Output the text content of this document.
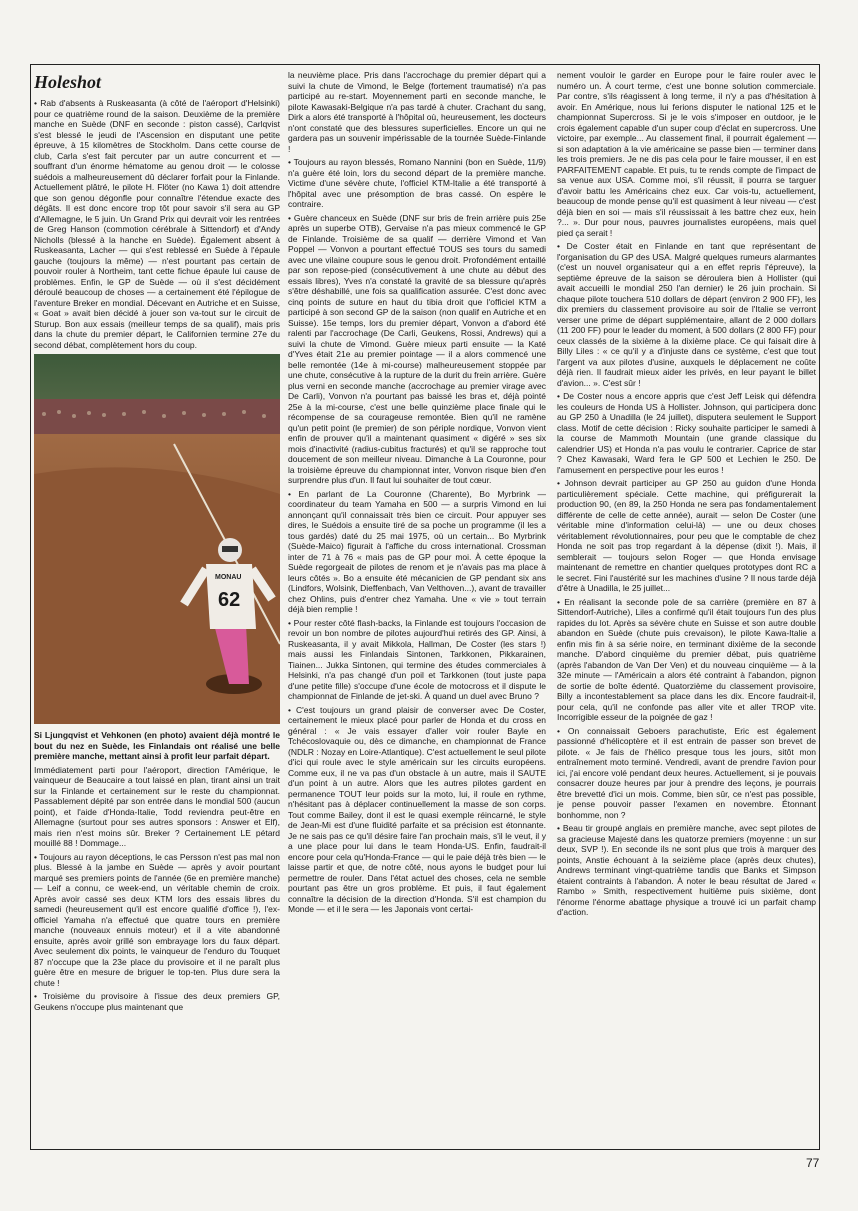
Holeshot

• Rab d'absents à Ruskeasanta (à côté de l'aéroport d'Helsinki) pour ce quatrième round de la saison. Deuxième de la première manche en Suède (DNF en seconde : piston cassé), Carlqvist s'est blessé le jeudi de l'Ascension en disputant une petite épreuve, à 15 kilomètres de Stockholm. Dans cette course de club, Carla s'est fait percuter par un autre concurrent et — souffrant d'un énorme hématome au genou droit — le colosse suédois a malheureusement dû déclarer forfait pour la Finlande. Actuellement plâtré, le pilote H. Flöter (no Kawa 1) doit attendre que son genou dégonfle pour connaître l'étendue exacte des dégâts. Il est donc encore trop tôt pour savoir s'il sera au GP d'Allemagne, le 5 juin. Un Grand Prix qui devrait voir les rentrées de Greg Hanson (commotion cérébrale à Sittendorf) et d'Andy Nicholls (blessé à la hanche en Suède). Également absent à Ruskeasanta, Lacher — qui s'est reblessé en Suède à l'épaule gauche (toujours la même) — n'est pourtant pas certain de pouvoir rouler à Northeim, tant cette fichue épaule lui cause de problèmes. Enfin, le GP de Suède — où il s'est décidément déroulé beaucoup de choses — a certainement été l'épilogue de l'aventure Breker en mondial. Décevant en Autriche et en Suisse, « Goat » avait bien décidé à jouer son va-tout sur le circuit de Sturup. Bon aux essais (meilleur temps de sa qualif), mais pris dans la chute du premier départ, le Californien termine 27e du second débat, complètement hors du coup.

MONAU
62

Si Ljungqvist et Vehkonen (en photo) avaient déjà montré le bout du nez en Suède, les Finlandais ont réalisé une belle première manche, mettant ainsi à profit leur parfait départ.

Immédiatement parti pour l'aéroport, direction l'Amérique, le vainqueur de Beaucaire a tout laissé en plan, tirant ainsi un trait sur la Finlande et certainement sur le reste du championnat. Passablement dépité par son entrée dans le mondial 500 (aucun point), et l'aide d'Honda-Italie, Todd reviendra peut-être en Allemagne (surtout pour ses autres sponsors : Answer et Elf), mais rien n'est moins sûr. Breker ? Certainement LE pétard mouillé 88 ! Dommage...

• Toujours au rayon déceptions, le cas Persson n'est pas mal non plus. Blessé à la jambe en Suède — après y avoir pourtant marqué ses premiers points de l'année (6e en première manche) — Leif a connu, ce week-end, un véritable chemin de croix. Après avoir cassé ses deux KTM lors des essais libres du samedi (heureusement qu'il est encore qualifié d'office !), l'ex-officiel Yamaha n'a effectué que quatre tours en première manche (nouveaux ennuis moteur) et il a vite abandonné ensuite, après avoir grillé son embrayage lors du faux départ. Avec seulement dix points, le vainqueur de l'enduro du Touquet 87 n'occupe que la 23e place du provisoire et il ne paraît plus guère être en mesure de briguer le top-ten. Plus dure sera la chute !

• Troisième du provisoire à l'issue des deux premiers GP, Geukens n'occupe plus maintenant que

la neuvième place. Pris dans l'accrochage du premier départ qui a suivi la chute de Vimond, le Belge (fortement traumatisé) n'a pas participé au re-start. Moyennement parti en seconde manche, le pilote Kawasaki-Belgique n'a pas tardé à chuter. Crachant du sang, Dirk a alors été transporté à l'hôpital où, heureusement, les docteurs n'ont constaté que des blessures superficielles. Encore un qui ne gardera pas un souvenir impérissable de la tournée Suède-Finlande !

• Toujours au rayon blessés, Romano Nannini (bon en Suède, 11/9) n'a guère été loin, lors du second départ de la première manche. Victime d'une sévère chute, l'officiel KTM-Italie a été transporté à l'hôpital avec une présomption de bras cassé. On espère le contraire.

• Guère chanceux en Suède (DNF sur bris de frein arrière puis 25e après un superbe OTB), Gervaise n'a pas mieux commencé le GP de Finlande. Troisième de sa qualif — derrière Vimond et Van Poppel — Vonvon a pourtant effectué TOUS ses tours du samedi avec une vilaine coupure sous le genou droit. Profondément entaillé par son repose-pied (consécutivement à une chute au début des essais libres), Yves n'a constaté la gravité de sa blessure qu'après s'être déshabillé, une fois sa qualification assurée. C'est donc avec cinq points de suture en haut du tibia droit que l'officiel KTM a participé à son second GP de la saison (non qualif en Autriche et en Suisse). 15e temps, lors du premier départ, Vonvon a d'abord été ralenti par l'accrochage (De Carli, Geukens, Rossi, Andrews) qui a suivi la chute de Vimond. Guère mieux parti ensuite — la Katé d'Yves était 21e au premier pointage — il a alors commencé une belle remontée (14e à mi-course) malheureusement stoppée par une chute, consécutive à la rupture de la durit du frein arrière. Guère plus verni en seconde manche (accrochage au premier virage avec De Carli), Vonvon n'a pourtant pas baissé les bras et, déjà pointé 25e à la mi-course, c'est une belle quinzième place finale qui le récompense de sa courageuse remontée. Bien qu'il ne ramène qu'un petit point (le premier) de son périple nordique, Vonvon vient enfin de prouver qu'il a maintenant quasiment « digéré » ses six mois d'inactivité (radius-cubitus fracturés) et qu'il se rapproche tout doucement de son meilleur niveau. Dimanche à La Couronne, pour la troisième épreuve du championnat inter, Vonvon risque bien d'en surprendre plus d'un. Il faut lui souhaiter de tout cœur.

• En parlant de La Couronne (Charente), Bo Myrbrink — coordinateur du team Yamaha en 500 — a surpris Vimond en lui annonçant qu'il connaissait très bien ce circuit. Pour appuyer ses dires, le Suédois a ensuite tiré de sa poche un programme (il les a tous gardés) daté du 25 mai 1975, où un certain... Bo Myrbrink (Suède-Maico) figurait à l'affiche du cross international. Crossman inter de 71 à 76 « mais pas de GP pour moi. À cette époque la Suède regorgeait de pilotes de renom et je n'avais pas ma place à leurs côtés ». Bo a ensuite été mécanicien de GP pendant six ans (Lindfors, Wolsink, Dieffenbach, Van Velthoven...), avant de travailler chez Ohlins, puis d'entrer chez Yamaha. Une « vie » tout terrain déjà bien remplie !

• Pour rester côté flash-backs, la Finlande est toujours l'occasion de revoir un bon nombre de pilotes aujourd'hui retirés des GP. Ainsi, à Ruskeasanta, il y avait Mikkola, Hallman, De Coster (les stars !) mais aussi les Finlandais Sintonen, Tarkkonen, Pikkarainen, Tiainen... Jukka Sintonen, qui termine des études commerciales à Helsinki, n'a pas changé d'un poil et Tarkkonen (tout juste papa d'une petite fille) s'occupe d'une école de motocross et il dispute le championnat de Finlande de jet-ski. À quand un duel avec Bruno ?

• C'est toujours un grand plaisir de converser avec De Coster, certainement le mieux placé pour parler de Honda et du cross en général : « Je vais essayer d'aller voir rouler Bayle en Tchécoslovaquie ou, dès ce dimanche, en championnat de France (NDLR : Nozay en Loire-Atlantique). C'est actuellement le seul pilote d'ici qui roule avec le style américain sur les circuits européens. Comme eux, il ne va pas d'un obstacle à un autre, mais il SAUTE d'un point à un autre. Alors que les autres pilotes gardent en permanence TOUT leur poids sur la moto, lui, il roule en rythme, n'hésitant pas à déplacer continuellement la masse de son corps. Tout comme Bailey, dont il est le quasi exemple réincarné, le style de Jean-Mi est d'une fluidité parfaite et sa précision est étonnante. Je ne sais pas ce qu'il désire faire l'an prochain mais, s'il le veut, il y a une place pour lui dans le team Honda-US. Enfin, faudrait-il encore pour cela qu'Honda-France — qui le paie déjà très bien — le laisse partir et que, de notre côté, nous ayons le budget pour lui permettre de rouler. Dans l'état actuel des choses, cela ne semble pourtant pas être un gros problème. Et puis, il faut également connaître la décision de la direction d'Honda. S'il est champion du Monde — et il le sera — les Japonais vont certai-

nement vouloir le garder en Europe pour le faire rouler avec le numéro un. À court terme, c'est une bonne solution commerciale. Par contre, s'ils réagissent à long terme, il n'y a pas d'hésitation à avoir. En Amérique, nous lui ferions disputer le national 125 et le championnat Supercross. Si je le vois s'imposer en outdoor, je le crois également capable d'un super coup d'éclat en supercross. Une victoire, par exemple... Au classement final, il pourrait également — si son adaptation à la vie américaine se passe bien — terminer dans les trois premiers. Je ne dis pas cela pour le faire mousser, il en est PARFAITEMENT capable. Et puis, tu te rends compte de l'impact de sa venue aux USA. Comme moi, s'il réussit, il pourra se targuer d'avoir battu les Américains chez eux. Car vois-tu, actuellement, beaucoup de monde pense qu'il est quasiment à leur niveau — c'est déjà bien en soi — mais s'il réussissait à les battre chez eux, hein ?... ». Dur pour nous, pauvres journalistes européens, mais quel pied ça serait !

• De Coster était en Finlande en tant que représentant de l'organisation du GP des USA. Malgré quelques rumeurs alarmantes (c'est un nouvel organisateur qui a en effet repris l'épreuve), la septième épreuve de la saison se déroulera bien à Hollister (qui avait accueilli le mondial 250 l'an dernier) le 26 juin prochain. Si chaque pilote touchera 510 dollars de départ (environ 2 900 FF), les dix premiers du classement provisoire au soir de l'Italie se verront verser une prime de départ supplémentaire, allant de 2 000 dollars (11 200 FF) pour le leader du moment, à 500 dollars (2 800 FF) pour ceux classés de la sixième à la dixième place. Ce qui faisait dire à Billy Liles : « ce qu'il y a d'injuste dans ce système, c'est que tout l'argent va aux pilotes d'usine, auxquels le déplacement ne coûte déjà rien. Il faudrait mieux aider les privés, en leur payant le billet d'avion... ». C'est sûr !

• De Coster nous a encore appris que c'est Jeff Leisk qui défendra les couleurs de Honda US à Hollister. Johnson, qui participera donc au GP 250 à Unadilla (le 24 juillet), disputera seulement le Support class. Motif de cette décision : Ricky souhaite participer le samedi à la course de Mammoth Mountain (une grande classique du calendrier US) et Honda n'a pas voulu le contrarier. Caprice de star ? Chez Kawasaki, Ward fera le GP 500 et Lechien le 250. De l'amusement en perspective pour les euros !

• Johnson devrait participer au GP 250 au guidon d'une Honda particulièrement spéciale. Cette machine, qui préfigurerait la production 90, (en 89, la 250 Honda ne sera pas fondamentalement différente de celle de cette année), aurait — selon De Coster (une véritable mine d'information celui-là) — une ou deux choses véritablement révolutionnaires, pour peu que le comptable de chez Honda ne soit pas trop regardant à la dépense (dixit !). Mais, il semblerait — toujours selon Roger — que Honda envisage maintenant de remettre en chantier quelques prototypes dont RC a le secret. Fini l'austérité sur les machines d'usine ? Il nous tarde déjà d'être à Unadilla, le 25 juillet...

• En réalisant la seconde pole de sa carrière (première en 87 à Sittendorf-Autriche), Liles a confirmé qu'il était toujours l'un des plus rapides du lot. Après sa sévère chute en Suisse et son autre double abandon en Suède (chute puis crevaison), le pilote Kawa-Italie a enfin mis fin à sa série noire, en terminant dixième de la seconde manche. D'abord cinquième du premier débat, puis quatrième (après l'abandon de Van Der Ven) et du nouveau cinquième — à la 32e minute — l'Américain a alors été contraint à l'abandon, pignon de sortie de boîte édenté. Quatorzième du classement provisoire, Billy a incontestablement sa place dans les dix. Encore faudrait-il, pour cela, qu'il ne confonde pas aller vite et aller TROP vite. Incorrigible esseur de la poignée de gaz !

• On connaissait Geboers parachutiste, Eric est également passionné d'hélicoptère et il est entrain de passer son brevet de pilote. « Je fais de l'hélico presque tous les jours, sitôt mon entraînement moto terminé. Vendredi, avant de prendre l'avion pour ici, j'ai encore volé pendant deux heures. Actuellement, si je pouvais consacrer douze heures par jour à prendre des leçons, je pourrais être brevetté d'ici un mois. Comme, bien sûr, ce n'est pas possible, je pense pouvoir passer l'examen en novembre. Étonnant bonhomme, non ?

• Beau tir groupé anglais en première manche, avec sept pilotes de sa gracieuse Majesté dans les quatorze premiers (moyenne : un sur deux, SVP !). En seconde ils ne sont plus que trois à marquer des points, Anstie échouant à la seizième place (après deux chutes), Andrews terminant vingt-quatrième tandis que Banks et Simpson étaient contraints à l'abandon. À noter le beau résultat de Jared « Rambo » Smith, respectivement huitième puis sixième, dont l'énorme l'énorme abattage physique a trouvé ici un parfait champ d'action.

77
